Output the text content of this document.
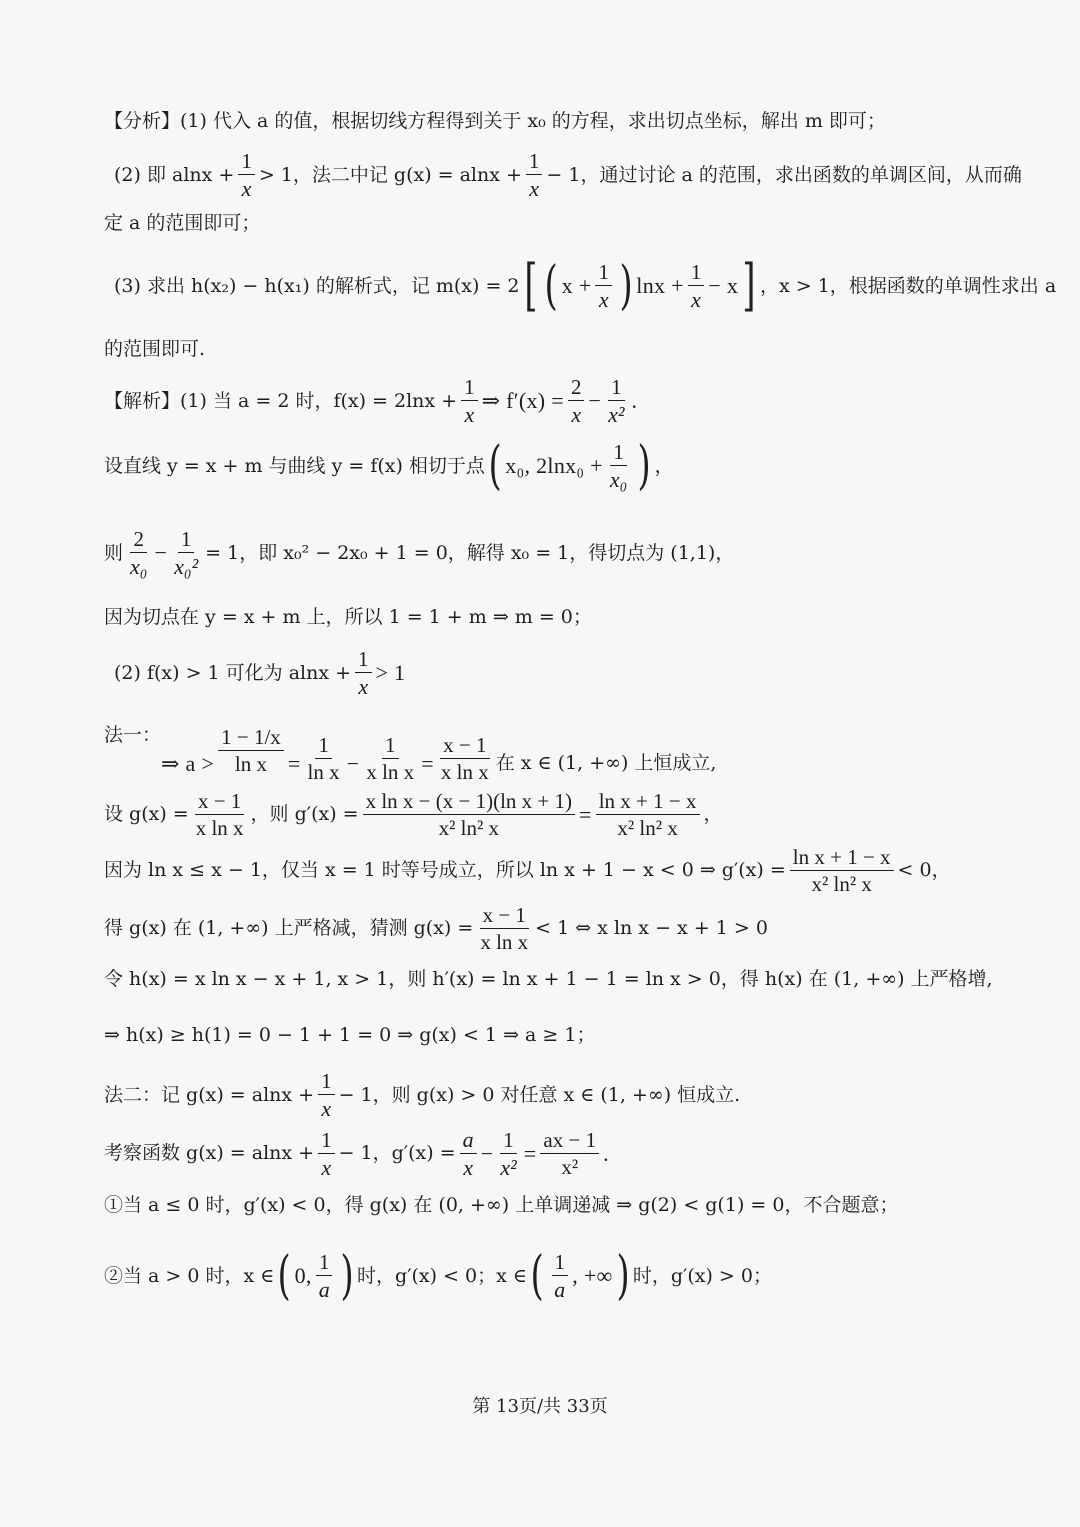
【分析】(1) 代入 a 的值，根据切线方程得到关于 x₀ 的方程，求出切点坐标，解出 m 即可；
(2) 即 $alnx + \frac{1}{x} > 1$，法二中记 $g(x) = alnx + \frac{1}{x} - 1$，通过讨论 a 的范围，求出函数的单调区间，从而确
定 a 的范围即可；
(3) 求出 h(x₂) − h(x₁) 的解析式，记 m(x) = 2 [ ( $x + \frac{1}{x}$ ) $\ln x + \frac{1}{x} - x$ ] ，x > 1，根据函数的单调性求出 a
的范围即可.
【解析】(1) 当 a = 2 时，$f(x) = 2\ln x + \frac{1}{x}$ ⇒ $f'(x) = \frac{2}{x} - \frac{1}{\text{x²}}$ .
设直线 y = x + m 与曲线 y = f(x) 相切于点 ( x₀, $2\ln x_0 + \frac{1}{\text{x₀}}$ ) ，
则 $\frac{2}{\text{x₀}} - \frac{1}{\text{x₀²}} = 1$，即 x₀² − 2x₀ + 1 = 0，解得 x₀ = 1，得切点为 (1,1)，
因为切点在 y = x + m 上，所以 1 = 1 + m ⇒ m = 0；
(2) f(x) > 1 可化为 $alnx + \frac{1}{x} > 1$
法一：
⇒ $a > \frac{1 - 1/x}{\text{ln x}} = \frac{1}{\text{ln x}} - \frac{1}{\text{x ln x}} = \frac{x - 1}{\text{x ln x}}$ 在 x ∈ (1, +∞) 上恒成立,
设 $g(x) = \frac{x - 1}{\text{x ln x}}$ ，则 $g'(x) = \frac{\text{x ln x − (x − 1)(ln x + 1)}}{\text{x² ln² x}} = \frac{\text{ln x + 1 − x}}{\text{x² ln² x}}$ ，
因为 ln x ≤ x − 1，仅当 x = 1 时等号成立，所以 ln x + 1 − x < 0 ⇒ $g'(x) = \frac{\text{ln x + 1 − x}}{\text{x² ln² x}} < 0$，
得 g(x) 在 (1, +∞) 上严格减，猜测 $g(x) = \frac{x - 1}{\text{x ln x}} < 1$ ⇔ x ln x − x + 1 > 0
令 h(x) = x ln x − x + 1, x > 1，则 h′(x) = ln x + 1 − 1 = ln x > 0，得 h(x) 在 (1, +∞) 上严格增,
⇒ h(x) ≥ h(1) = 0 − 1 + 1 = 0 ⇒ g(x) < 1 ⇒ a ≥ 1；
法二：记 $g(x) = alnx + \frac{1}{x} - 1$，则 g(x) > 0 对任意 x ∈ (1, +∞) 恒成立.
考察函数 $g(x) = alnx + \frac{1}{x} - 1$，$g'(x) = \frac{a}{x} - \frac{1}{\text{x²}} = \frac{ax - 1}{\text{x²}}$ .
①当 a ≤ 0 时，g′(x) < 0，得 g(x) 在 (0, +∞) 上单调递减 ⇒ g(2) < g(1) = 0，不合题意；
②当 a > 0 时，x ∈ ( 0, $\frac{1}{a}$ ) 时，g′(x) < 0；x ∈ ( $\frac{1}{a}$ , +∞ ) 时，g′(x) > 0；
第 13页/共 33页
